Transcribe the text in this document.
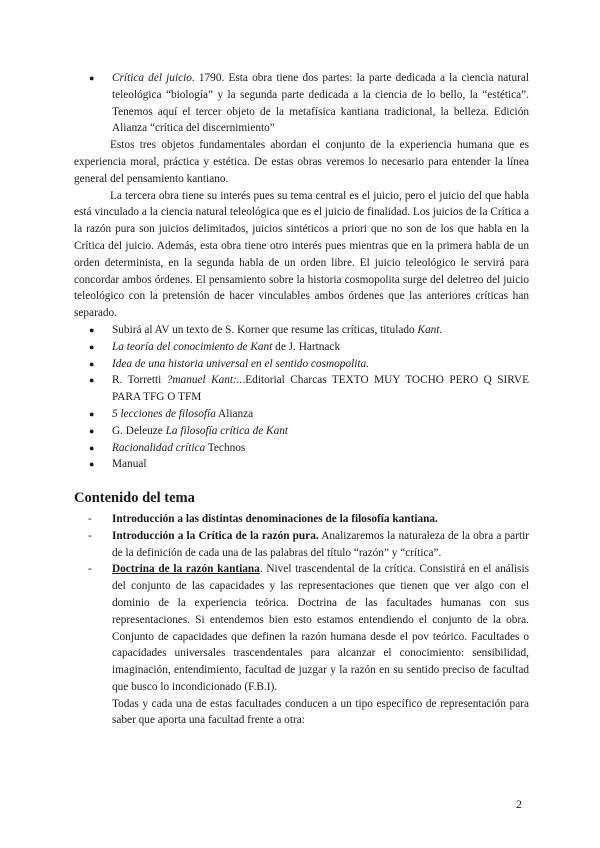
● Crítica del juicio. 1790. Esta obra tiene dos partes: la parte dedicada a la ciencia natural teleológica “biología” y la segunda parte dedicada a la ciencia de lo bello, la “estética”. Tenemos aquí el tercer objeto de la metafísica kantiana tradicional, la belleza. Edición Alianza “crítica del discernimiento”

Estos tres objetos fundamentales abordan el conjunto de la experiencia humana que es experiencia moral, práctica y estética. De estas obras veremos lo necesario para entender la línea general del pensamiento kantiano.

La tercera obra tiene su interés pues su tema central es el juicio, pero el juicio del que habla está vinculado a la ciencia natural teleológica que es el juicio de finalidad. Los juicios de la Crítica a la razón pura son juicios delimitados, juicios sintéticos a priori que no son de los que habla en la Crítica del juicio. Además, esta obra tiene otro interés pues mientras que en la primera habla de un orden determinista, en la segunda habla de un orden libre. El juicio teleológico le servirá para concordar ambos órdenes. El pensamiento sobre la historia cosmopolita surge del deletreo del juicio teleológico con la pretensión de hacer vinculables ambos órdenes que las anteriores críticas han separado.

● Subirá al AV un texto de S. Korner que resume las críticas, titulado Kant.
● La teoría del conocimiento de Kant de J. Hartnack
● Idea de una historia universal en el sentido cosmopolita.
● R. Torretti ?manuel Kant:...Editorial Charcas TEXTO MUY TOCHO PERO Q SIRVE PARA TFG O TFM
● 5 lecciones de filosofía Alianza
● G. Deleuze La filosofía crítica de Kant
● Racionalidad crítica Technos
● Manual
Contenido del tema
- Introducción a las distintas denominaciones de la filosofía kantiana.
- Introducción a la Crítica de la razón pura. Analizaremos la naturaleza de la obra a partir de la definición de cada una de las palabras del título “razón” y “crítica”.
- Doctrina de la razón kantiana. Nivel trascendental de la crítica. Consistirá en el análisis del conjunto de las capacidades y las representaciones que tienen que ver algo con el dominio de la experiencia teórica. Doctrina de las facultades humanas con sus representaciones. Si entendemos bien esto estamos entendiendo el conjunto de la obra. Conjunto de capacidades que definen la razón humana desde el pov teórico. Facultades o capacidades universales trascendentales para alcanzar el conocimiento: sensibilidad, imaginación, entendimiento, facultad de juzgar y la razón en su sentido preciso de facultad que busco lo incondicionado (F.B.I).

Todas y cada una de estas facultades conducen a un tipo específico de representación para saber que aporta una facultad frente a otra:

2
